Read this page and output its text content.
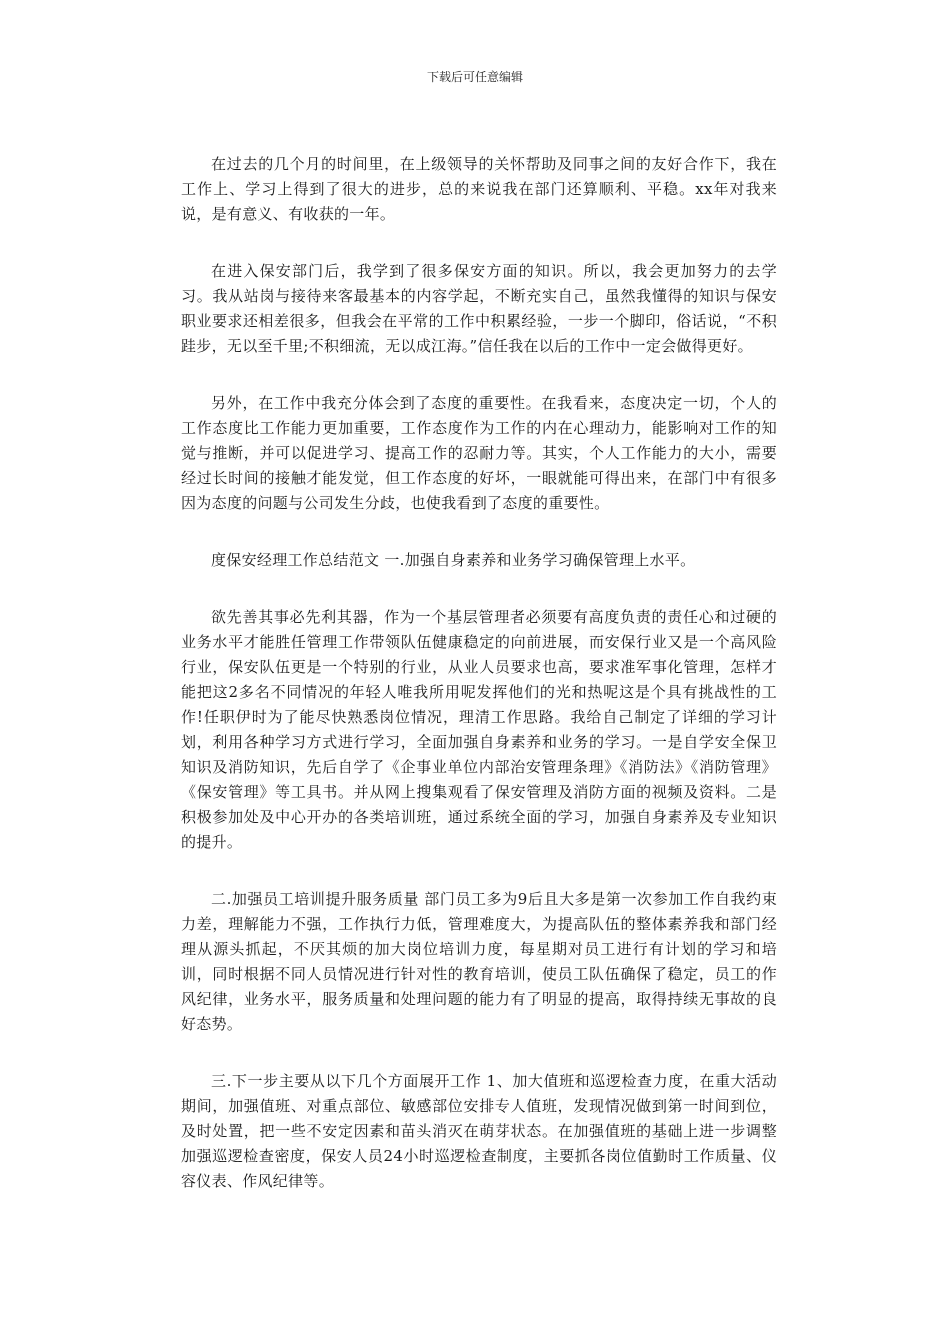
下载后可任意编辑

在过去的几个月的时间里，在上级领导的关怀帮助及同事之间的友好合作下，我在工作上、学习上得到了很大的进步，总的来说我在部门还算顺利、平稳。xx年对我来说，是有意义、有收获的一年。

在进入保安部门后，我学到了很多保安方面的知识。所以，我会更加努力的去学习。我从站岗与接待来客最基本的内容学起，不断充实自己，虽然我懂得的知识与保安职业要求还相差很多，但我会在平常的工作中积累经验，一步一个脚印，俗话说，“不积跬步，无以至千里;不积细流，无以成江海。”信任我在以后的工作中一定会做得更好。

另外，在工作中我充分体会到了态度的重要性。在我看来，态度决定一切，个人的工作态度比工作能力更加重要，工作态度作为工作的内在心理动力，能影响对工作的知觉与推断，并可以促进学习、提高工作的忍耐力等。其实，个人工作能力的大小，需要经过长时间的接触才能发觉，但工作态度的好坏，一眼就能可得出来，在部门中有很多因为态度的问题与公司发生分歧，也使我看到了态度的重要性。

度保安经理工作总结范文 一.加强自身素养和业务学习确保管理上水平。

欲先善其事必先利其器，作为一个基层管理者必须要有高度负责的责任心和过硬的业务水平才能胜任管理工作带领队伍健康稳定的向前进展，而安保行业又是一个高风险行业，保安队伍更是一个特别的行业，从业人员要求也高，要求准军事化管理，怎样才能把这2多名不同情况的年轻人唯我所用呢发挥他们的光和热呢这是个具有挑战性的工作!任职伊时为了能尽快熟悉岗位情况，理清工作思路。我给自己制定了详细的学习计划，利用各种学习方式进行学习，全面加强自身素养和业务的学习。一是自学安全保卫知识及消防知识，先后自学了《企事业单位内部治安管理条理》《消防法》《消防管理》《保安管理》等工具书。并从网上搜集观看了保安管理及消防方面的视频及资料。二是积极参加处及中心开办的各类培训班，通过系统全面的学习，加强自身素养及专业知识的提升。

二.加强员工培训提升服务质量 部门员工多为9后且大多是第一次参加工作自我约束力差，理解能力不强，工作执行力低，管理难度大，为提高队伍的整体素养我和部门经理从源头抓起，不厌其烦的加大岗位培训力度，每星期对员工进行有计划的学习和培训，同时根据不同人员情况进行针对性的教育培训，使员工队伍确保了稳定，员工的作风纪律，业务水平，服务质量和处理问题的能力有了明显的提高，取得持续无事故的良好态势。

三.下一步主要从以下几个方面展开工作 1、加大值班和巡逻检查力度，在重大活动期间，加强值班、对重点部位、敏感部位安排专人值班，发现情况做到第一时间到位，及时处置，把一些不安定因素和苗头消灭在萌芽状态。在加强值班的基础上进一步调整加强巡逻检查密度，保安人员24小时巡逻检查制度，主要抓各岗位值勤时工作质量、仪容仪表、作风纪律等。
